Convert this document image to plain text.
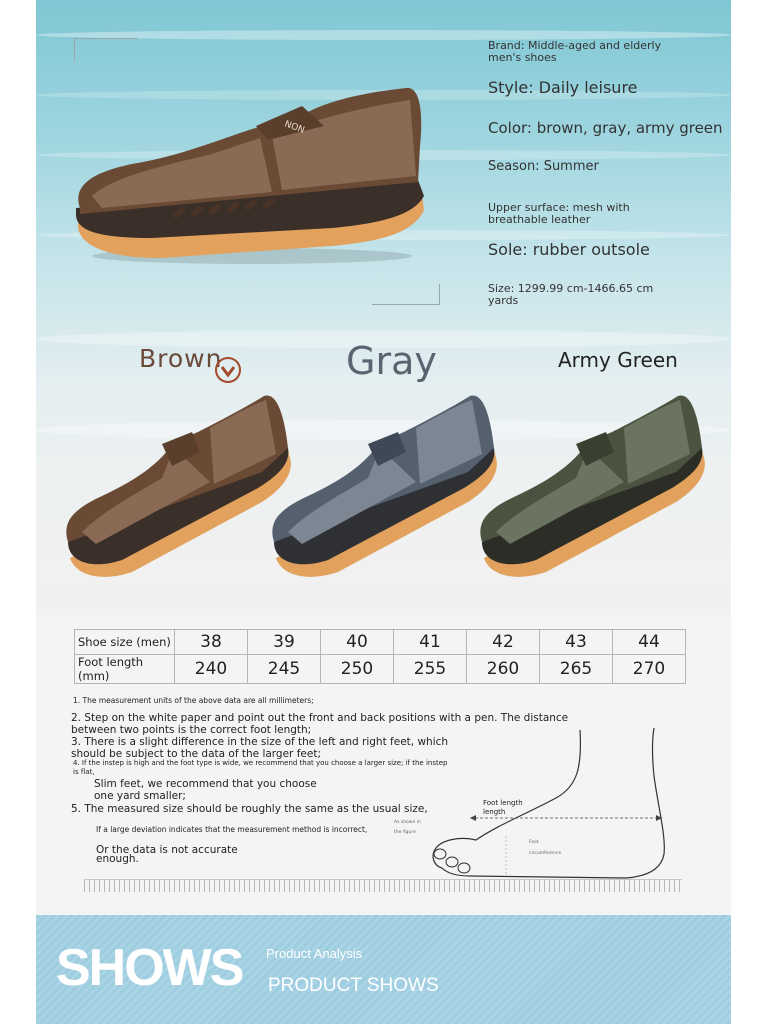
Brand: Middle-aged and elderly men's shoes
Style: Daily leisure
Color: brown, gray, army green
Season: Summer
Upper surface: mesh with breathable leather
Sole: rubber outsole
Size: 1299.99 cm-1466.65 cm yards
NON
Brown	Gray	Army Green
Shoe size (men)	38	39	40	41	42	43	44
Foot length (mm)	240	245	250	255	260	265	270
1. The measurement units of the above data are all millimeters;
2. Step on the white paper and point out the front and back positions with a pen. The distance
between two points is the correct foot length;
3. There is a slight difference in the size of the left and right feet, which
should be subject to the data of the larger feet;
4. If the instep is high and the foot type is wide, we recommend that you choose a larger size; if the instep
is flat,
Slim feet, we recommend that you choose
one yard smaller;
5. The measured size should be roughly the same as the usual size,
If a large deviation indicates that the measurement method is incorrect,
Or the data is not accurate
enough.
Foot length
length
As shown in
the figure
Foot
circumference
SHOWS Product Analysis
PRODUCT SHOWS
